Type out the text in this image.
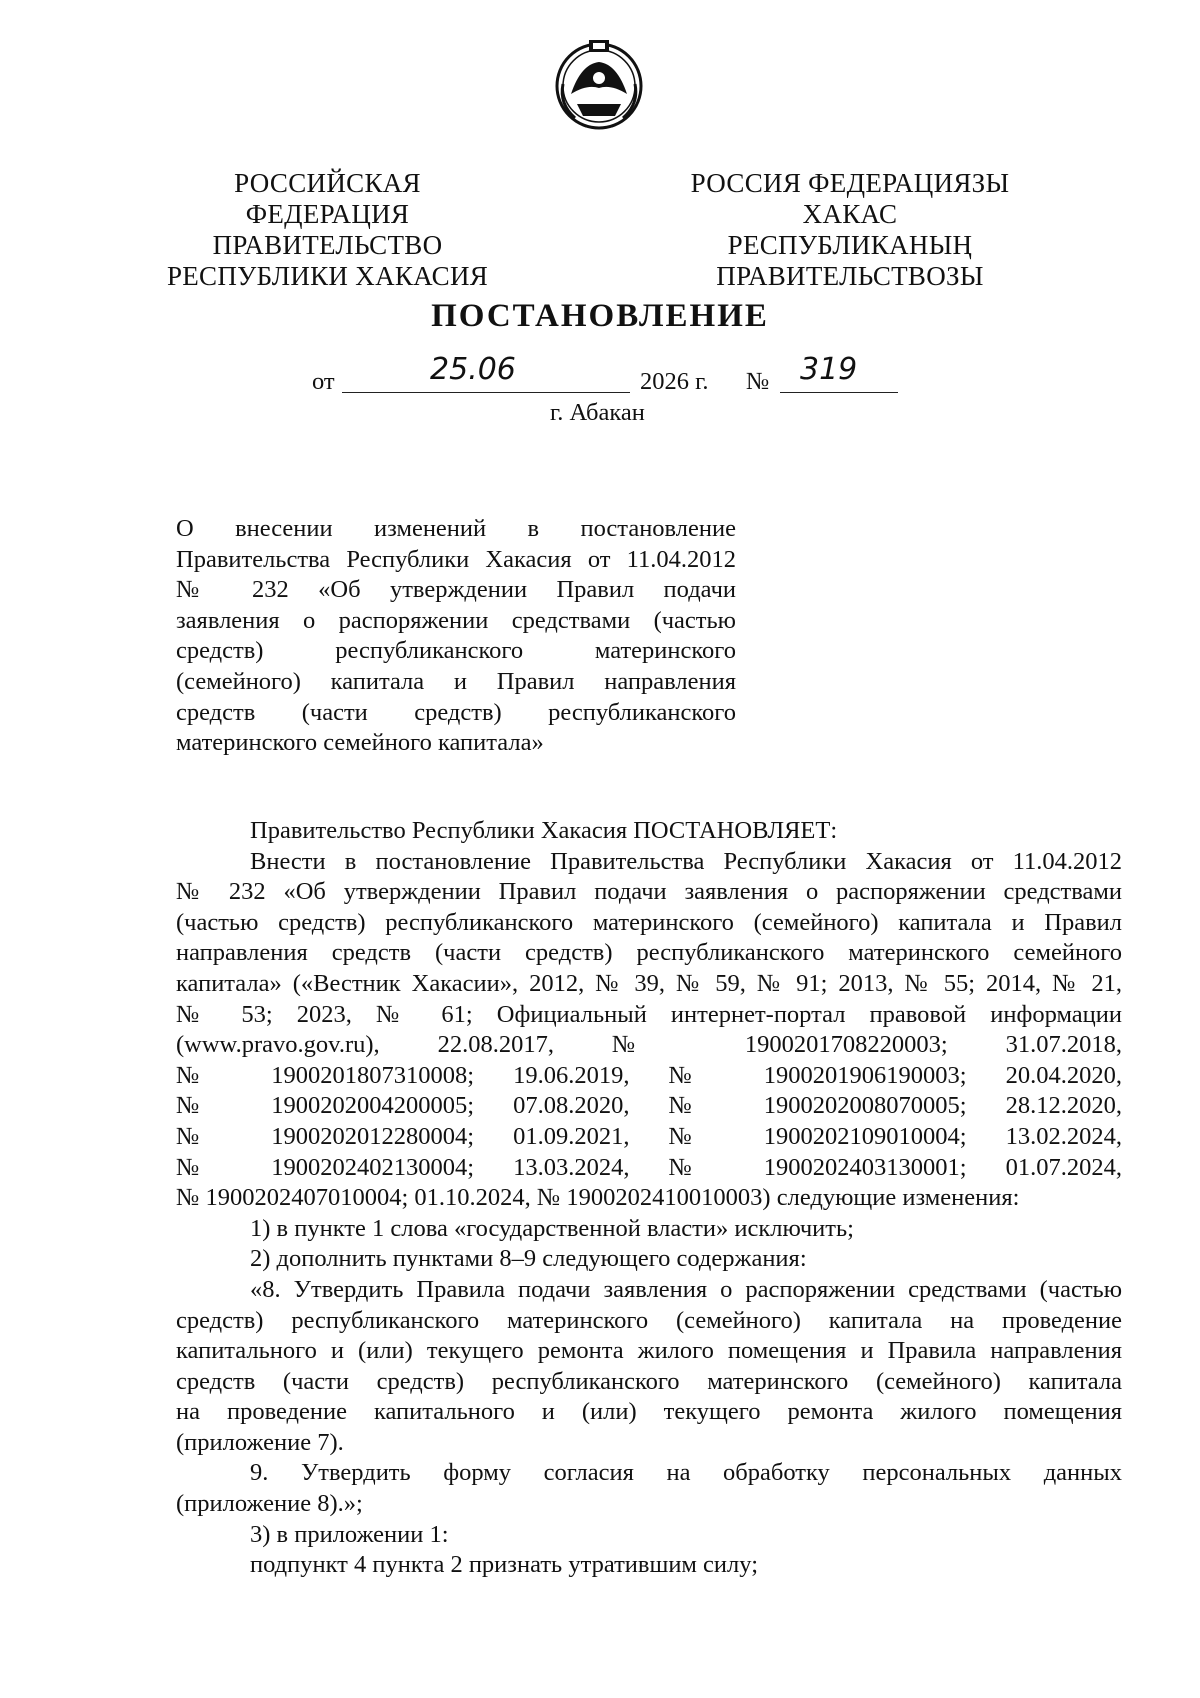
РОССИЙСКАЯ ФЕДЕРАЦИЯ
ПРАВИТЕЛЬСТВО
РЕСПУБЛИКИ ХАКАСИЯ
РОССИЯ ФЕДЕРАЦИЯЗЫ
ХАКАС РЕСПУБЛИКАНЫҢ
ПРАВИТЕЛЬСТВОЗЫ
ПОСТАНОВЛЕНИЕ
от	25.06	2026 г. № 319
г. Абакан
О внесении изменений в постановление
Правительства Республики Хакасия от 11.04.2012
№ 232 «Об утверждении Правил подачи
заявления о распоряжении средствами (частью
средств) республиканского материнского
(семейного) капитала и Правил направления
средств (части средств) республиканского
материнского семейного капитала»
Правительство Республики Хакасия ПОСТАНОВЛЯЕТ:
Внести в постановление Правительства Республики Хакасия от 11.04.2012
№ 232 «Об утверждении Правил подачи заявления о распоряжении средствами
(частью средств) республиканского материнского (семейного) капитала и Правил
направления средств (части средств) республиканского материнского семейного
капитала» («Вестник Хакасии», 2012, № 39, № 59, № 91; 2013, № 55; 2014, № 21,
№ 53; 2023, № 61; Официальный интернет-портал правовой информации
(www.pravo.gov.ru), 22.08.2017, № 1900201708220003; 31.07.2018,
№ 1900201807310008; 19.06.2019, № 1900201906190003; 20.04.2020,
№ 1900202004200005; 07.08.2020, № 1900202008070005; 28.12.2020,
№ 1900202012280004; 01.09.2021, № 1900202109010004; 13.02.2024,
№ 1900202402130004; 13.03.2024, № 1900202403130001; 01.07.2024,
№ 1900202407010004; 01.10.2024, № 1900202410010003) следующие изменения:
1) в пункте 1 слова «государственной власти» исключить;
2) дополнить пунктами 8–9 следующего содержания:
«8. Утвердить Правила подачи заявления о распоряжении средствами (частью
средств) республиканского материнского (семейного) капитала на проведение
капитального и (или) текущего ремонта жилого помещения и Правила направления
средств (части средств) республиканского материнского (семейного) капитала
на проведение капитального и (или) текущего ремонта жилого помещения
(приложение 7).
9. Утвердить форму согласия на обработку персональных данных
(приложение 8).»;
3) в приложении 1:
подпункт 4 пункта 2 признать утратившим силу;
